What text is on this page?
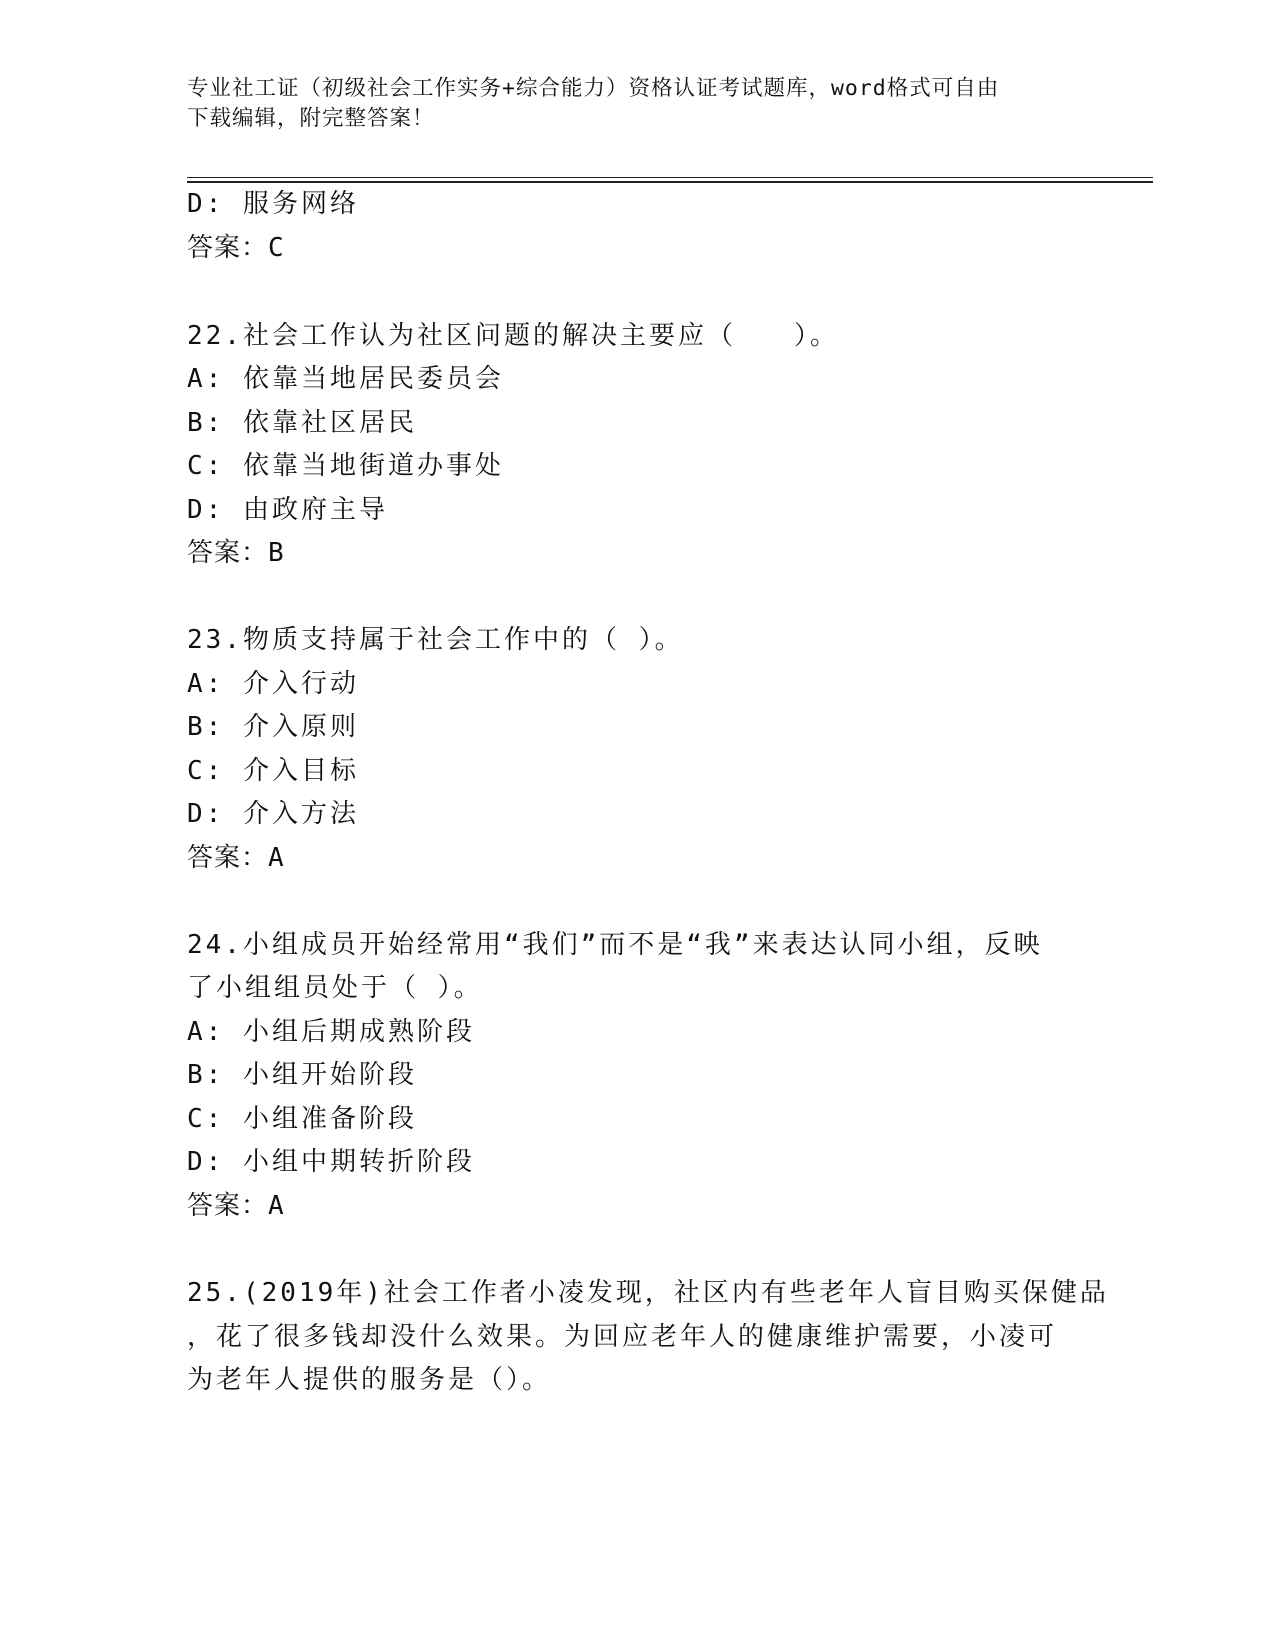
专业社工证（初级社会工作实务+综合能力）资格认证考试题库，word格式可自由
下载编辑，附完整答案！
D: 服务网络
答案：C
22.社会工作认为社区问题的解决主要应（　　）。
A: 依靠当地居民委员会
B: 依靠社区居民
C: 依靠当地街道办事处
D: 由政府主导
答案：B
23.物质支持属于社会工作中的（ ）。
A: 介入行动
B: 介入原则
C: 介入目标
D: 介入方法
答案：A
24.小组成员开始经常用“我们”而不是“我”来表达认同小组，反映
了小组组员处于（ ）。
A: 小组后期成熟阶段
B: 小组开始阶段
C: 小组准备阶段
D: 小组中期转折阶段
答案：A
25.(2019年)社会工作者小凌发现，社区内有些老年人盲目购买保健品
，花了很多钱却没什么效果。为回应老年人的健康维护需要，小凌可
为老年人提供的服务是（）。
